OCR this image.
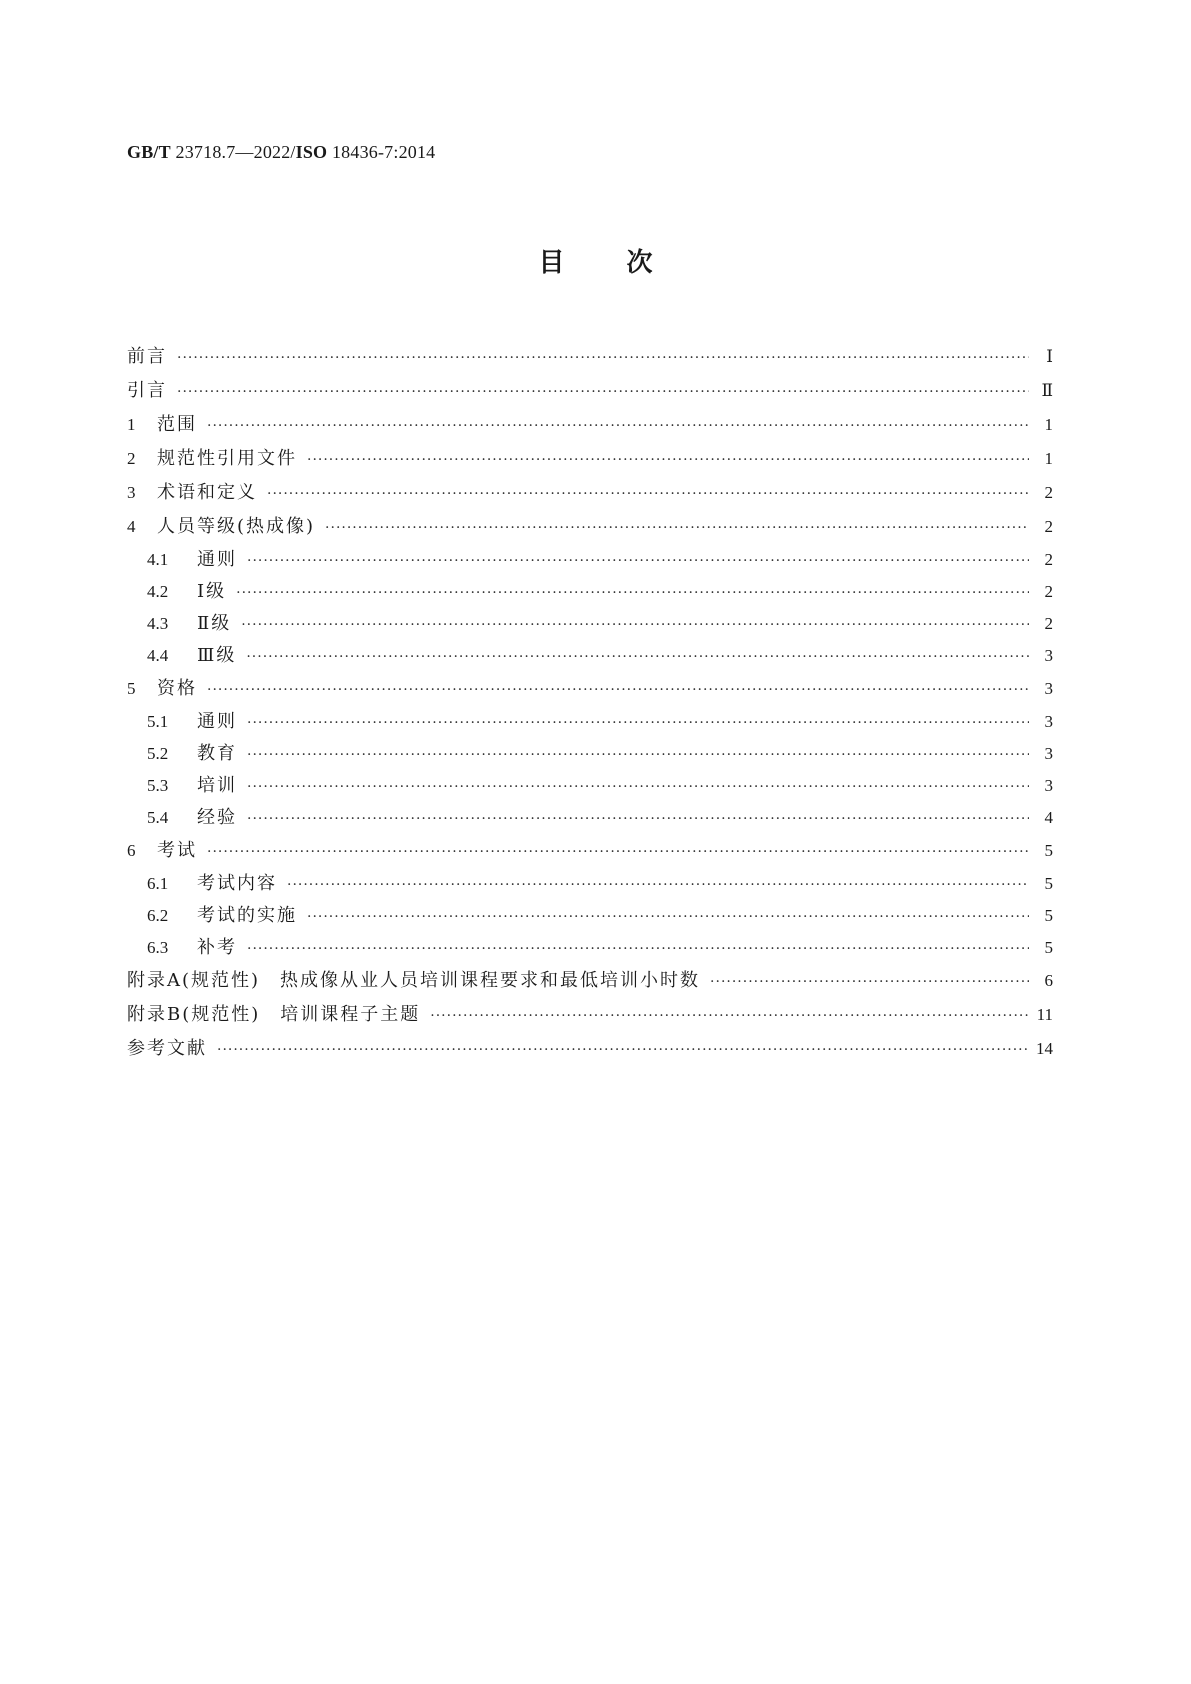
GB/T 23718.7—2022/ISO 18436-7:2014
目次
前言 ·····	Ⅰ
引言 ·····	Ⅱ
1	范围 ·····	1
2	规范性引用文件 ·····	1
3	术语和定义 ·····	2
4	人员等级(热成像) ·····	2
4.1	通则 ·····	2
4.2	Ⅰ级 ·····	2
4.3	Ⅱ级 ·····	2
4.4	Ⅲ级 ·····	3
5	资格 ·····	3
5.1	通则 ·····	3
5.2	教育 ·····	3
5.3	培训 ·····	3
5.4	经验 ·····	4
6	考试 ·····	5
6.1	考试内容 ·····	5
6.2	考试的实施 ·····	5
6.3	补考 ·····	5
附录A(规范性)　热成像从业人员培训课程要求和最低培训小时数 ·····	6
附录B(规范性)　培训课程子主题 ·····	11
参考文献 ·····	14
